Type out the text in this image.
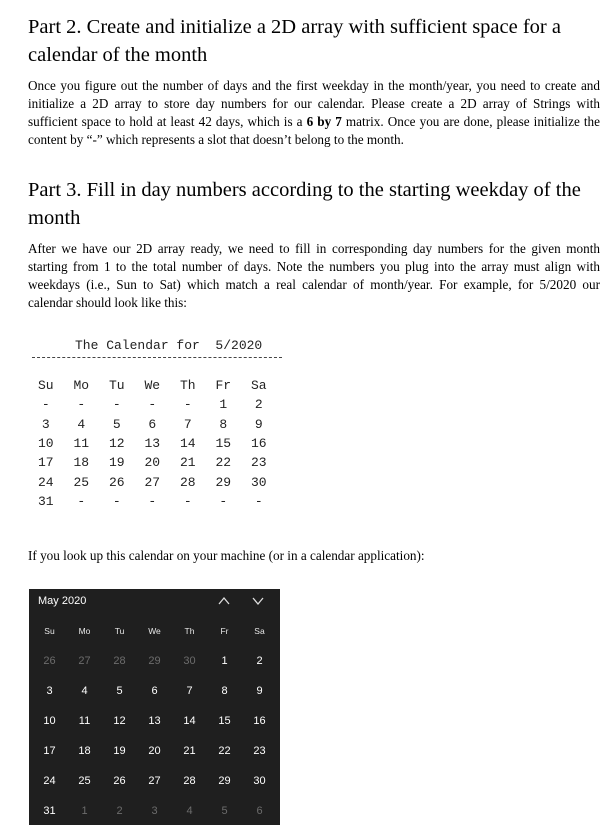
Part 2. Create and initialize a 2D array with sufficient space for a calendar of the month

Once you figure out the number of days and the first weekday in the month/year, you need to create and initialize a 2D array to store day numbers for our calendar. Please create a 2D array of Strings with sufficient space to hold at least 42 days, which is a 6 by 7 matrix. Once you are done, please initialize the content by “-” which represents a slot that doesn’t belong to the month.

Part 3. Fill in day numbers according to the starting weekday of the month

After we have our 2D array ready, we need to fill in corresponding day numbers for the given month starting from 1 to the total number of days. Note the numbers you plug into the array must align with weekdays (i.e., Sun to Sat) which match a real calendar of month/year. For example, for 5/2020 our calendar should look like this:

The Calendar for  5/2020
Su	Mo	Tu	We	Th	Fr	Sa
-	-	-	-	-	1	2
3	4	5	6	7	8	9
10	11	12	13	14	15	16
17	18	19	20	21	22	23
24	25	26	27	28	29	30
31	-	-	-	-	-	-

If you look up this calendar on your machine (or in a calendar application):

May 2020
Su	Mo	Tu	We	Th	Fr	Sa
26	27	28	29	30	1	2
3	4	5	6	7	8	9
10	11	12	13	14	15	16
17	18	19	20	21	22	23
24	25	26	27	28	29	30
31	1	2	3	4	5	6
